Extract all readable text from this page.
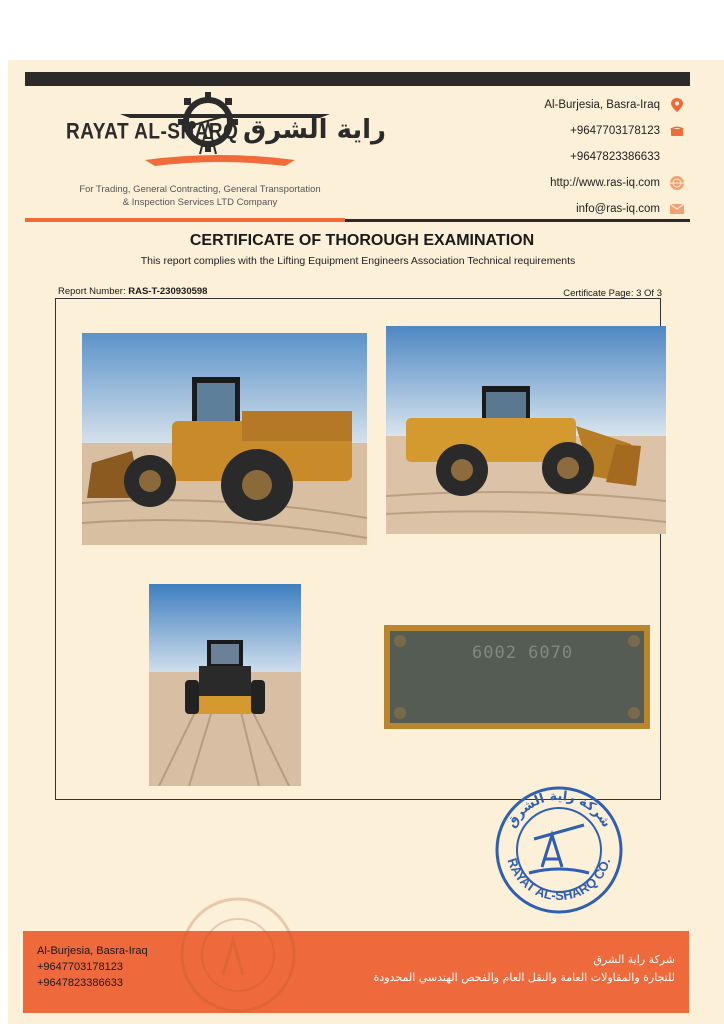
RAYAT AL-SHARQ راية الشرق
For Trading, General Contracting, General Transportation
& Inspection Services LTD Company
Al-Burjesia, Basra-Iraq
+9647703178123
+9647823386633
http://www.ras-iq.com
info@ras-iq.com
CERTIFICATE OF THOROUGH EXAMINATION
This report complies with the Lifting Equipment Engineers Association Technical requirements
Report Number: RAS-T-230930598	Certificate Page: 3 Of 3
6002 6070
شركة راية الشرق
RAYAT AL-SHARQ CO.
Al-Burjesia, Basra-Iraq
+9647703178123
+9647823386633
شركة راية الشرق
للتجارة والمقاولات العامة والنقل العام والفحص الهندسي المحدودة
